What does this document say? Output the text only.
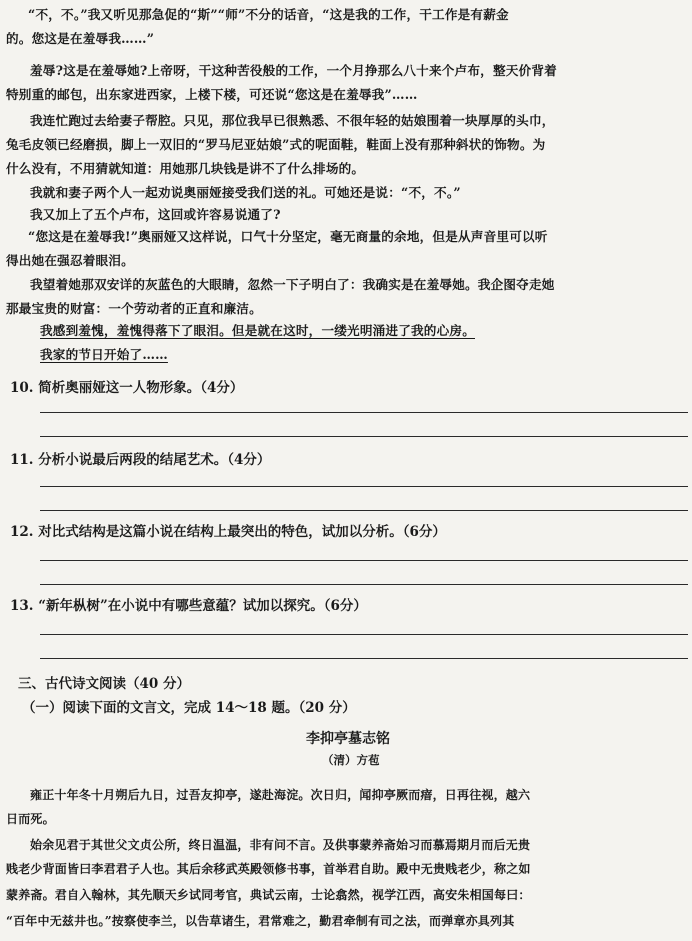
“不，不。”我又听见那急促的“斯”“师”不分的话音，“这是我的工作，干工作是有薪金
的。您这是在羞辱我……”
羞辱?这是在羞辱她?上帝呀，干这种苦役般的工作，一个月挣那么八十来个卢布，整天价背着
特别重的邮包，出东家进西家，上楼下楼，可还说“您这是在羞辱我”……
我连忙跑过去给妻子帮腔。只见，那位我早已很熟悉、不很年轻的姑娘围着一块厚厚的头巾，
兔毛皮领已经磨损，脚上一双旧的“罗马尼亚姑娘”式的呢面鞋，鞋面上没有那种斜状的饰物。为
什么没有，不用猜就知道：用她那几块钱是讲不了什么排场的。
我就和妻子两个人一起劝说奥丽娅接受我们送的礼。可她还是说：“不，不。”
我又加上了五个卢布，这回或许容易说通了?
“您这是在羞辱我!”奥丽娅又这样说，口气十分坚定，毫无商量的余地，但是从声音里可以听
得出她在强忍着眼泪。
我望着她那双安详的灰蓝色的大眼睛，忽然一下子明白了：我确实是在羞辱她。我企图夺走她
那最宝贵的财富：一个劳动者的正直和廉洁。
我感到羞愧，羞愧得落下了眼泪。但是就在这时，一缕光明涌进了我的心房。
我家的节日开始了……
10. 简析奥丽娅这一人物形象。（4分）
11. 分析小说最后两段的结尾艺术。（4分）
12. 对比式结构是这篇小说在结构上最突出的特色，试加以分析。（6分）
13. “新年枞树”在小说中有哪些意蕴？试加以探究。（6分）
三、古代诗文阅读（40 分）
（一）阅读下面的文言文，完成 14～18 题。（20 分）
李抑亭墓志铭
（清）方苞
雍正十年冬十月朔后九日，过吾友抑亭，遂赴海淀。次日归，闻抑亭厥而瘖，日再往视，越六
日而死。
始余见君于其世父文贞公所，终日温温，非有问不言。及供事蒙养斋始习而慕焉期月而后无贵
贱老少背面皆曰李君君子人也。其后余移武英殿领修书事，首举君自助。殿中无贵贱老少，称之如
蒙养斋。君自入翰林，其先顺天乡试同考官，典试云南，士论翕然，视学江西，高安朱相国每曰：
“百年中无兹井也。”按察使李兰，以告草诸生，君常难之，勤君牵制有司之法，而弹章亦具列其
